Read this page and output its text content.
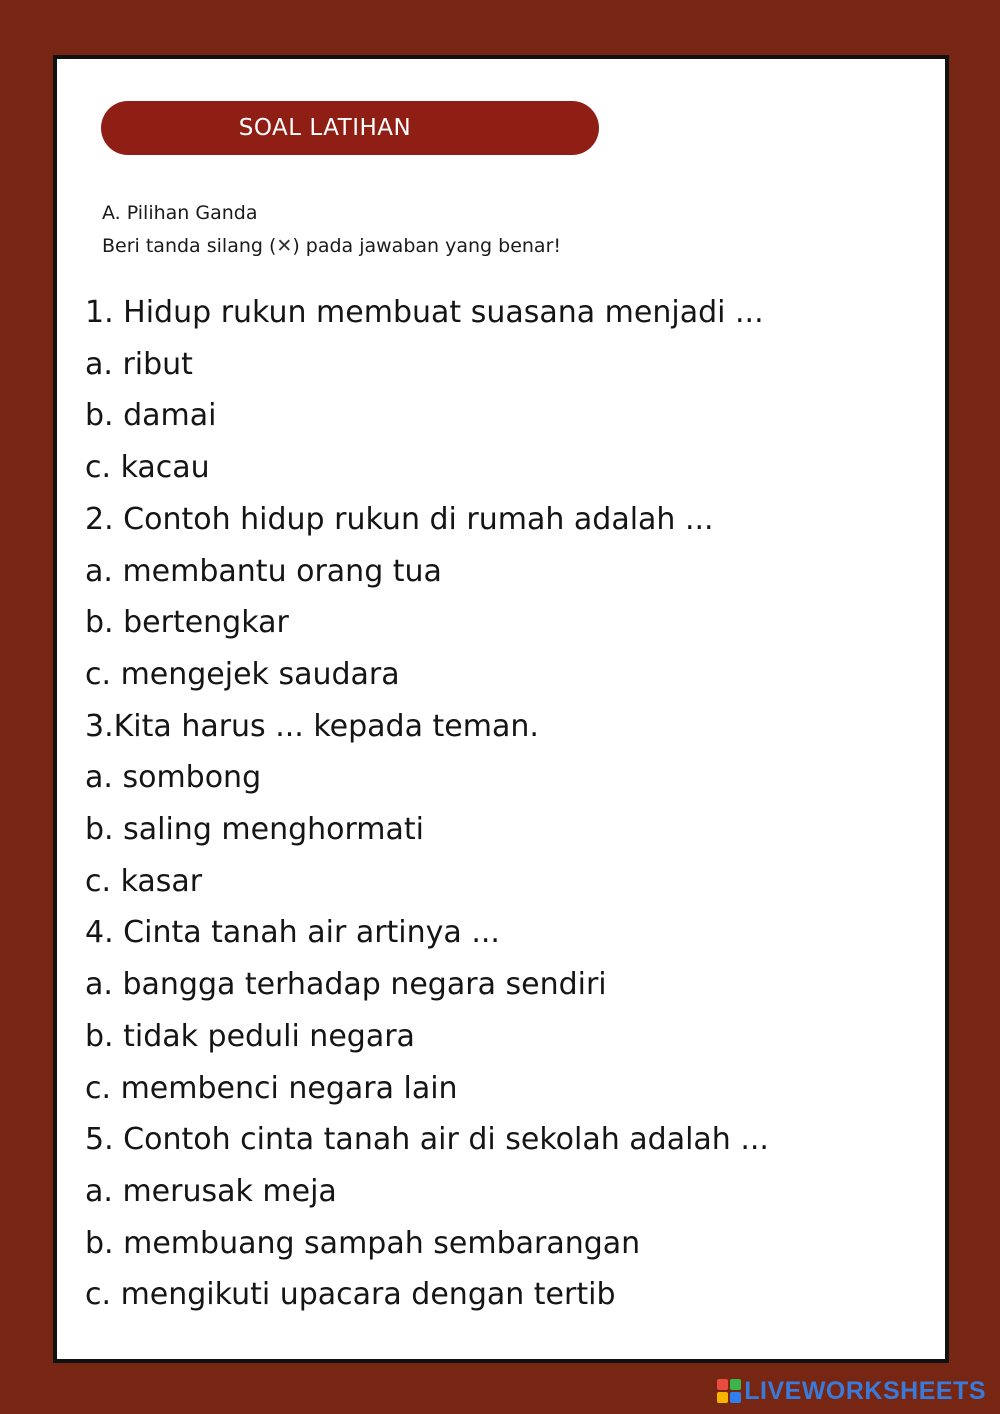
SOAL LATIHAN
A. Pilihan Ganda
Beri tanda silang (✕) pada jawaban yang benar!
1. Hidup rukun membuat suasana menjadi ...
a. ribut
b. damai
c. kacau
2. Contoh hidup rukun di rumah adalah ...
a. membantu orang tua
b. bertengkar
c. mengejek saudara
3.Kita harus ... kepada teman.
a. sombong
b. saling menghormati
c. kasar
4. Cinta tanah air artinya ...
a. bangga terhadap negara sendiri
b. tidak peduli negara
c. membenci negara lain
5. Contoh cinta tanah air di sekolah adalah ...
a. merusak meja
b. membuang sampah sembarangan
c. mengikuti upacara dengan tertib
LIVEWORKSHEETS
